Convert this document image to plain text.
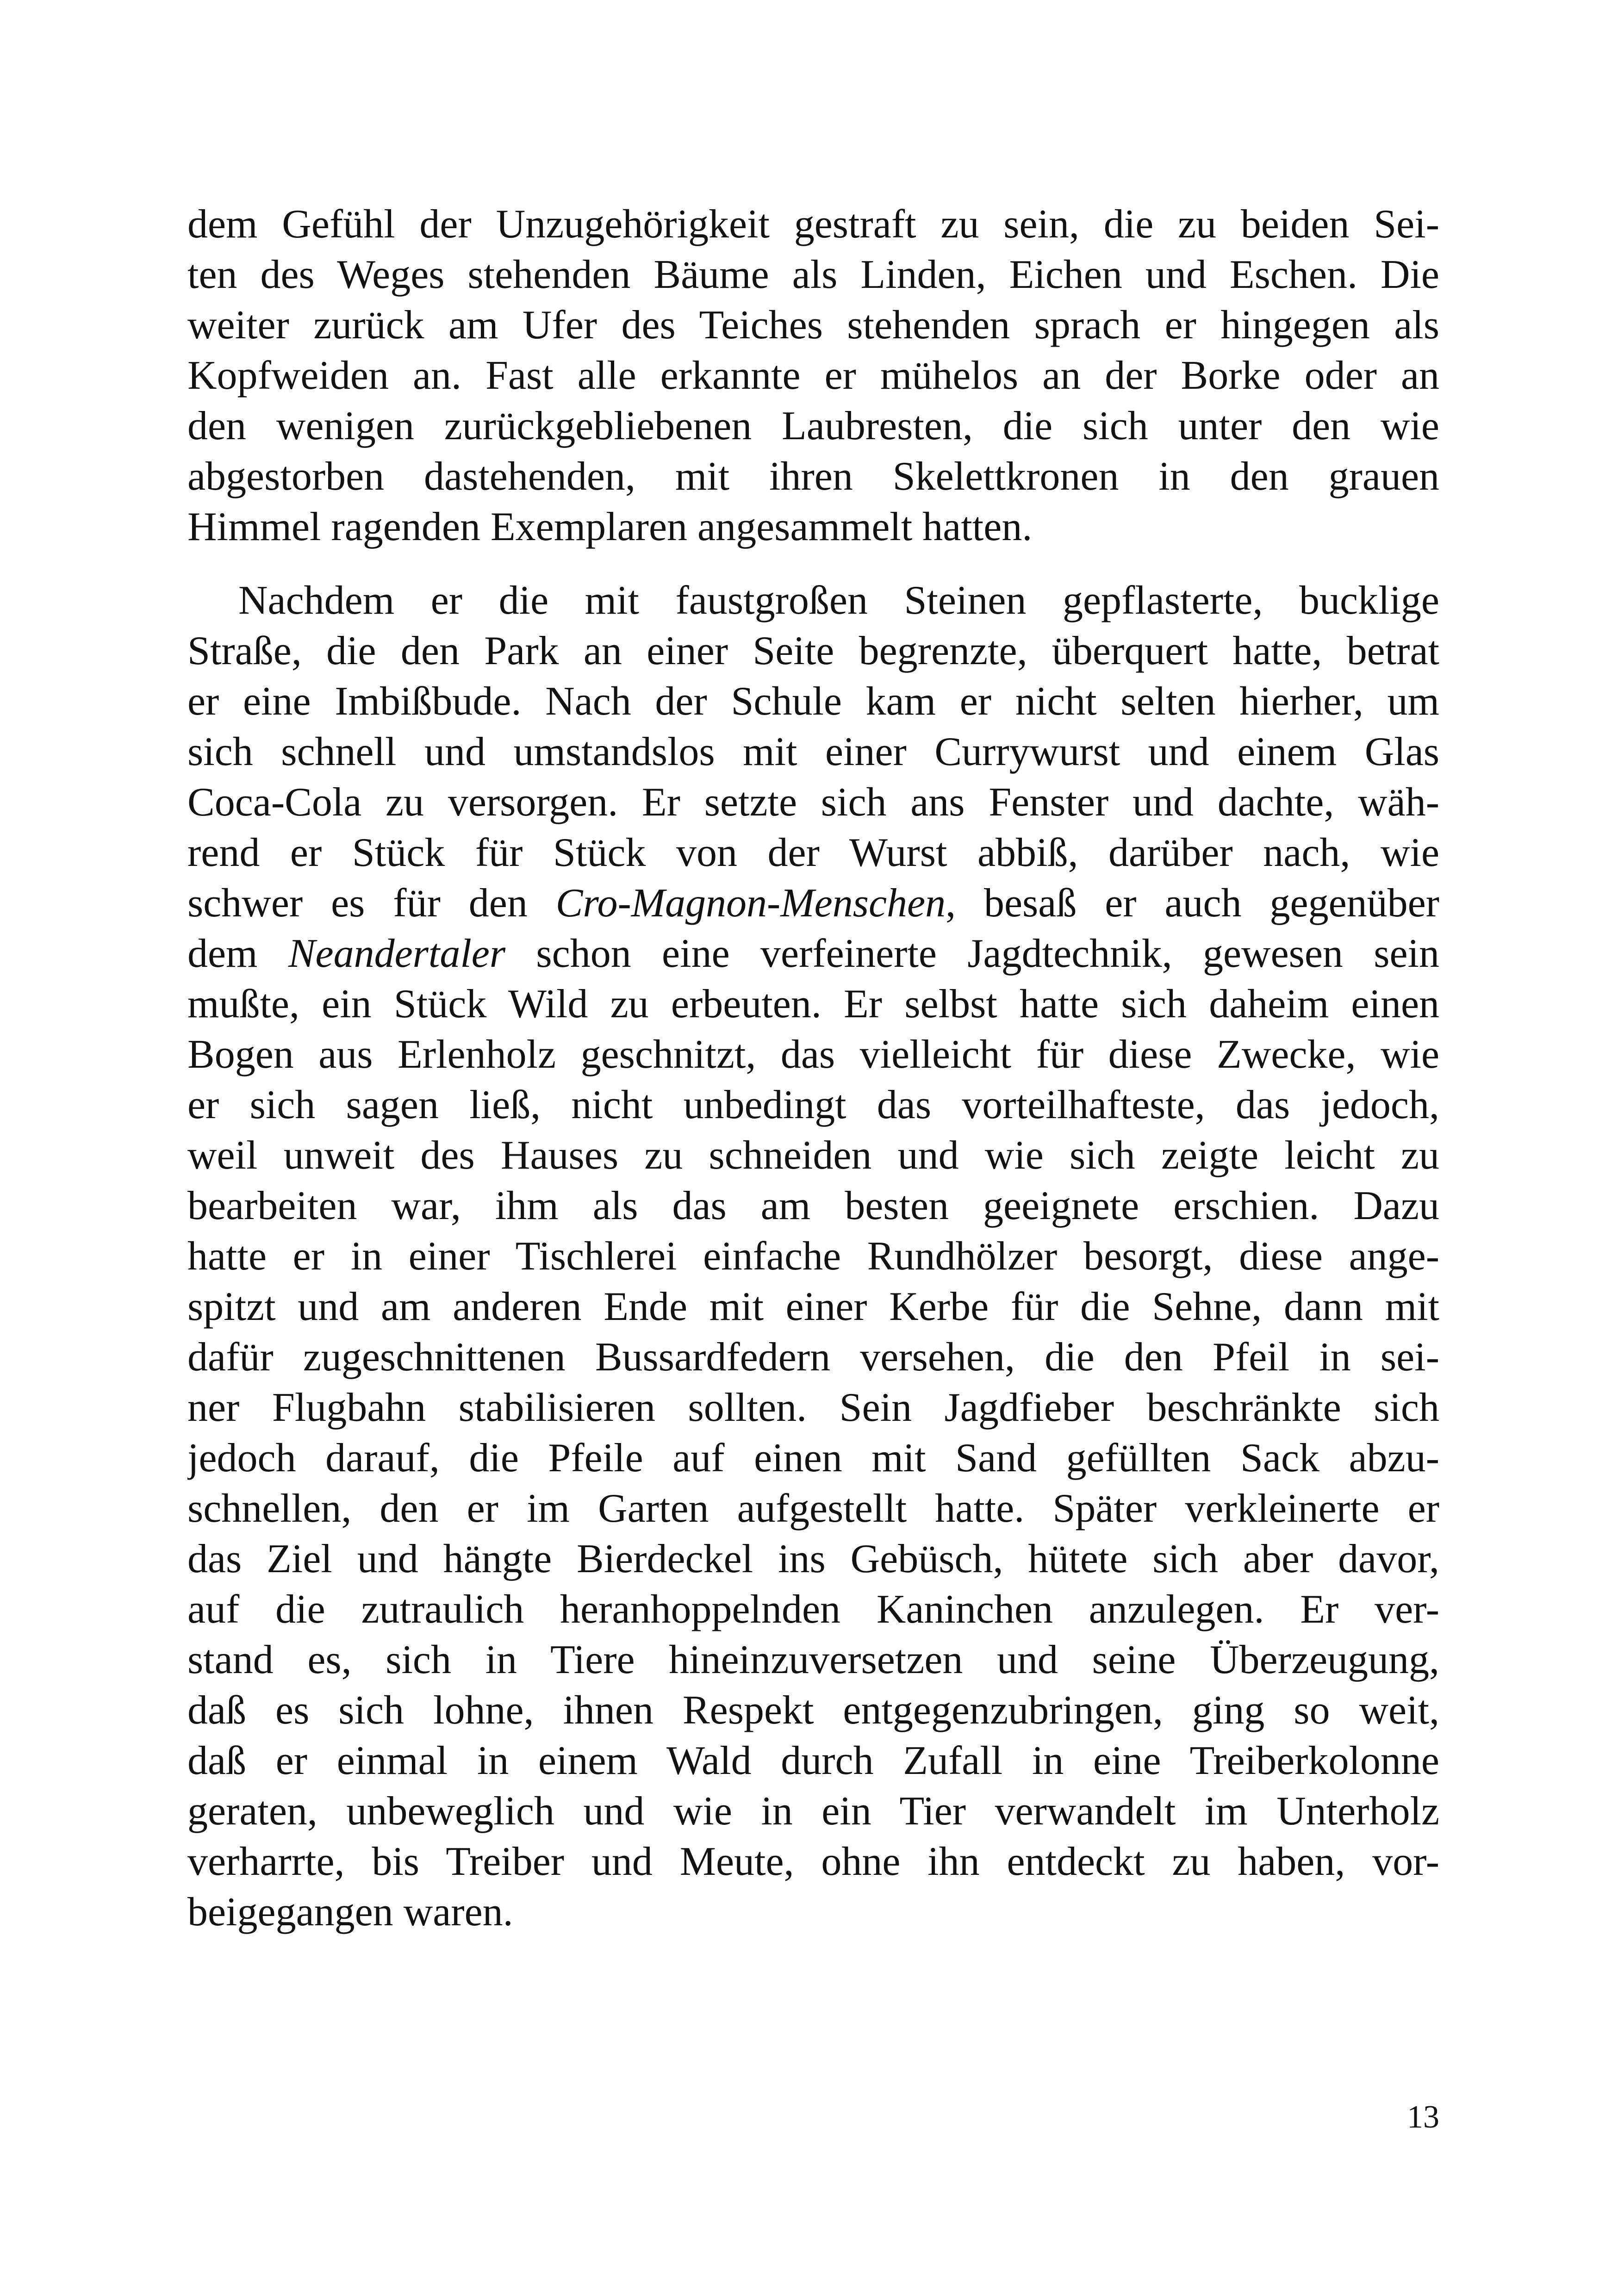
dem Gefühl der Unzugehörigkeit gestraft zu sein, die zu beiden Sei-
ten des Weges stehenden Bäume als Linden, Eichen und Eschen. Die
weiter zurück am Ufer des Teiches stehenden sprach er hingegen als
Kopfweiden an. Fast alle erkannte er mühelos an der Borke oder an
den wenigen zurückgebliebenen Laubresten, die sich unter den wie
abgestorben dastehenden, mit ihren Skelettkronen in den grauen
Himmel ragenden Exemplaren angesammelt hatten.
Nachdem er die mit faustgroßen Steinen gepflasterte, bucklige
Straße, die den Park an einer Seite begrenzte, überquert hatte, betrat
er eine Imbißbude. Nach der Schule kam er nicht selten hierher, um
sich schnell und umstandslos mit einer Currywurst und einem Glas
Coca-Cola zu versorgen. Er setzte sich ans Fenster und dachte, wäh-
rend er Stück für Stück von der Wurst abbiß, darüber nach, wie
schwer es für den Cro-Magnon-Menschen, besaß er auch gegenüber
dem Neandertaler schon eine verfeinerte Jagdtechnik, gewesen sein
mußte, ein Stück Wild zu erbeuten. Er selbst hatte sich daheim einen
Bogen aus Erlenholz geschnitzt, das vielleicht für diese Zwecke, wie
er sich sagen ließ, nicht unbedingt das vorteilhafteste, das jedoch,
weil unweit des Hauses zu schneiden und wie sich zeigte leicht zu
bearbeiten war, ihm als das am besten geeignete erschien. Dazu
hatte er in einer Tischlerei einfache Rundhölzer besorgt, diese ange-
spitzt und am anderen Ende mit einer Kerbe für die Sehne, dann mit
dafür zugeschnittenen Bussardfedern versehen, die den Pfeil in sei-
ner Flugbahn stabilisieren sollten. Sein Jagdfieber beschränkte sich
jedoch darauf, die Pfeile auf einen mit Sand gefüllten Sack abzu-
schnellen, den er im Garten aufgestellt hatte. Später verkleinerte er
das Ziel und hängte Bierdeckel ins Gebüsch, hütete sich aber davor,
auf die zutraulich heranhoppelnden Kaninchen anzulegen. Er ver-
stand es, sich in Tiere hineinzuversetzen und seine Überzeugung,
daß es sich lohne, ihnen Respekt entgegenzubringen, ging so weit,
daß er einmal in einem Wald durch Zufall in eine Treiberkolonne
geraten, unbeweglich und wie in ein Tier verwandelt im Unterholz
verharrte, bis Treiber und Meute, ohne ihn entdeckt zu haben, vor-
beigegangen waren.
13
